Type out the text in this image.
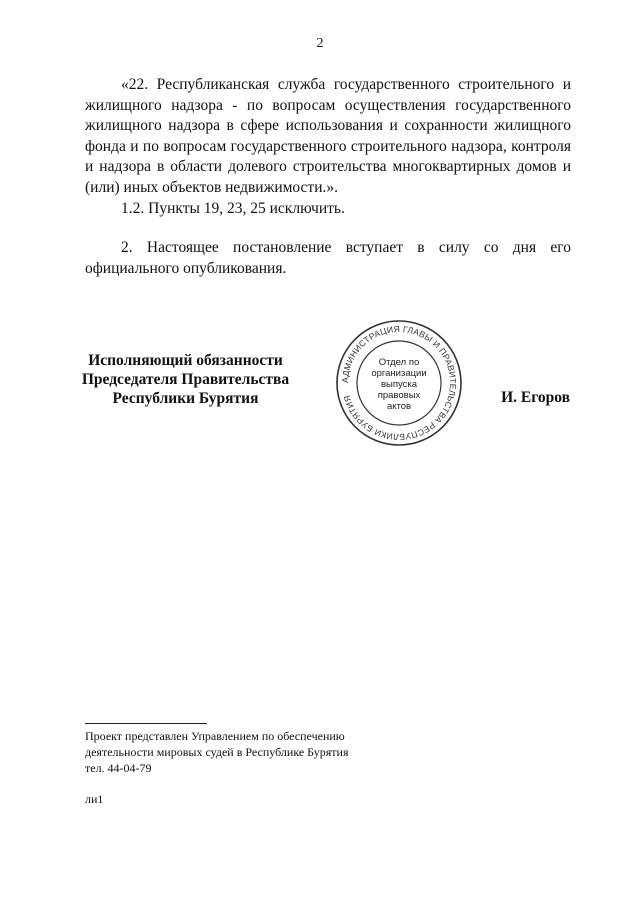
2

«22. Республиканская служба государственного строительного и жилищного надзора - по вопросам осуществления государственного жилищного надзора в сфере использования и сохранности жилищного фонда и по вопросам государственного строительного надзора, контроля и надзора в области долевого строительства многоквартирных домов и (или) иных объектов недвижимости.».

1.2. Пункты 19, 23, 25 исключить.

2. Настоящее постановление вступает в силу со дня его официального опубликования.

Исполняющий обязанности
Председателя Правительства
Республики Бурятия
АДМИНИСТРАЦИЯ ГЛАВЫ И ПРАВИТЕЛЬСТВА РЕСПУБЛИКИ БУРЯТИЯ
Отдел по
организации
выпуска
правовых
актов
И. Егоров
Проект представлен Управлением по обеспечению
деятельности мировых судей в Республике Бурятия
тел. 44-04-79
ли1
